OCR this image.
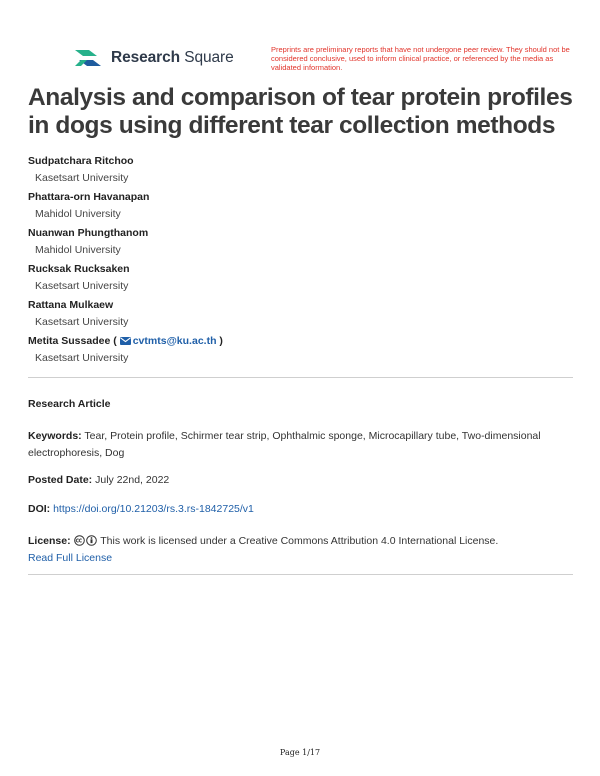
Research Square	Preprints are preliminary reports that have not undergone peer review. They should not be considered conclusive, used to inform clinical practice, or referenced by the media as validated information.
Analysis and comparison of tear protein profiles in dogs using different tear collection methods
Sudpatchara Ritchoo
Kasetsart University
Phattara-orn Havanapan
Mahidol University
Nuanwan Phungthanom
Mahidol University
Rucksak Rucksaken
Kasetsart University
Rattana Mulkaew
Kasetsart University
Metita Sussadee ( cvtmts@ku.ac.th )
Kasetsart University
Research Article
Keywords: Tear, Protein profile, Schirmer tear strip, Ophthalmic sponge, Microcapillary tube, Two-dimensional electrophoresis, Dog
Posted Date: July 22nd, 2022
DOI: https://doi.org/10.21203/rs.3.rs-1842725/v1
License:	This work is licensed under a Creative Commons Attribution 4.0 International License.
Read Full License
Page 1/17
